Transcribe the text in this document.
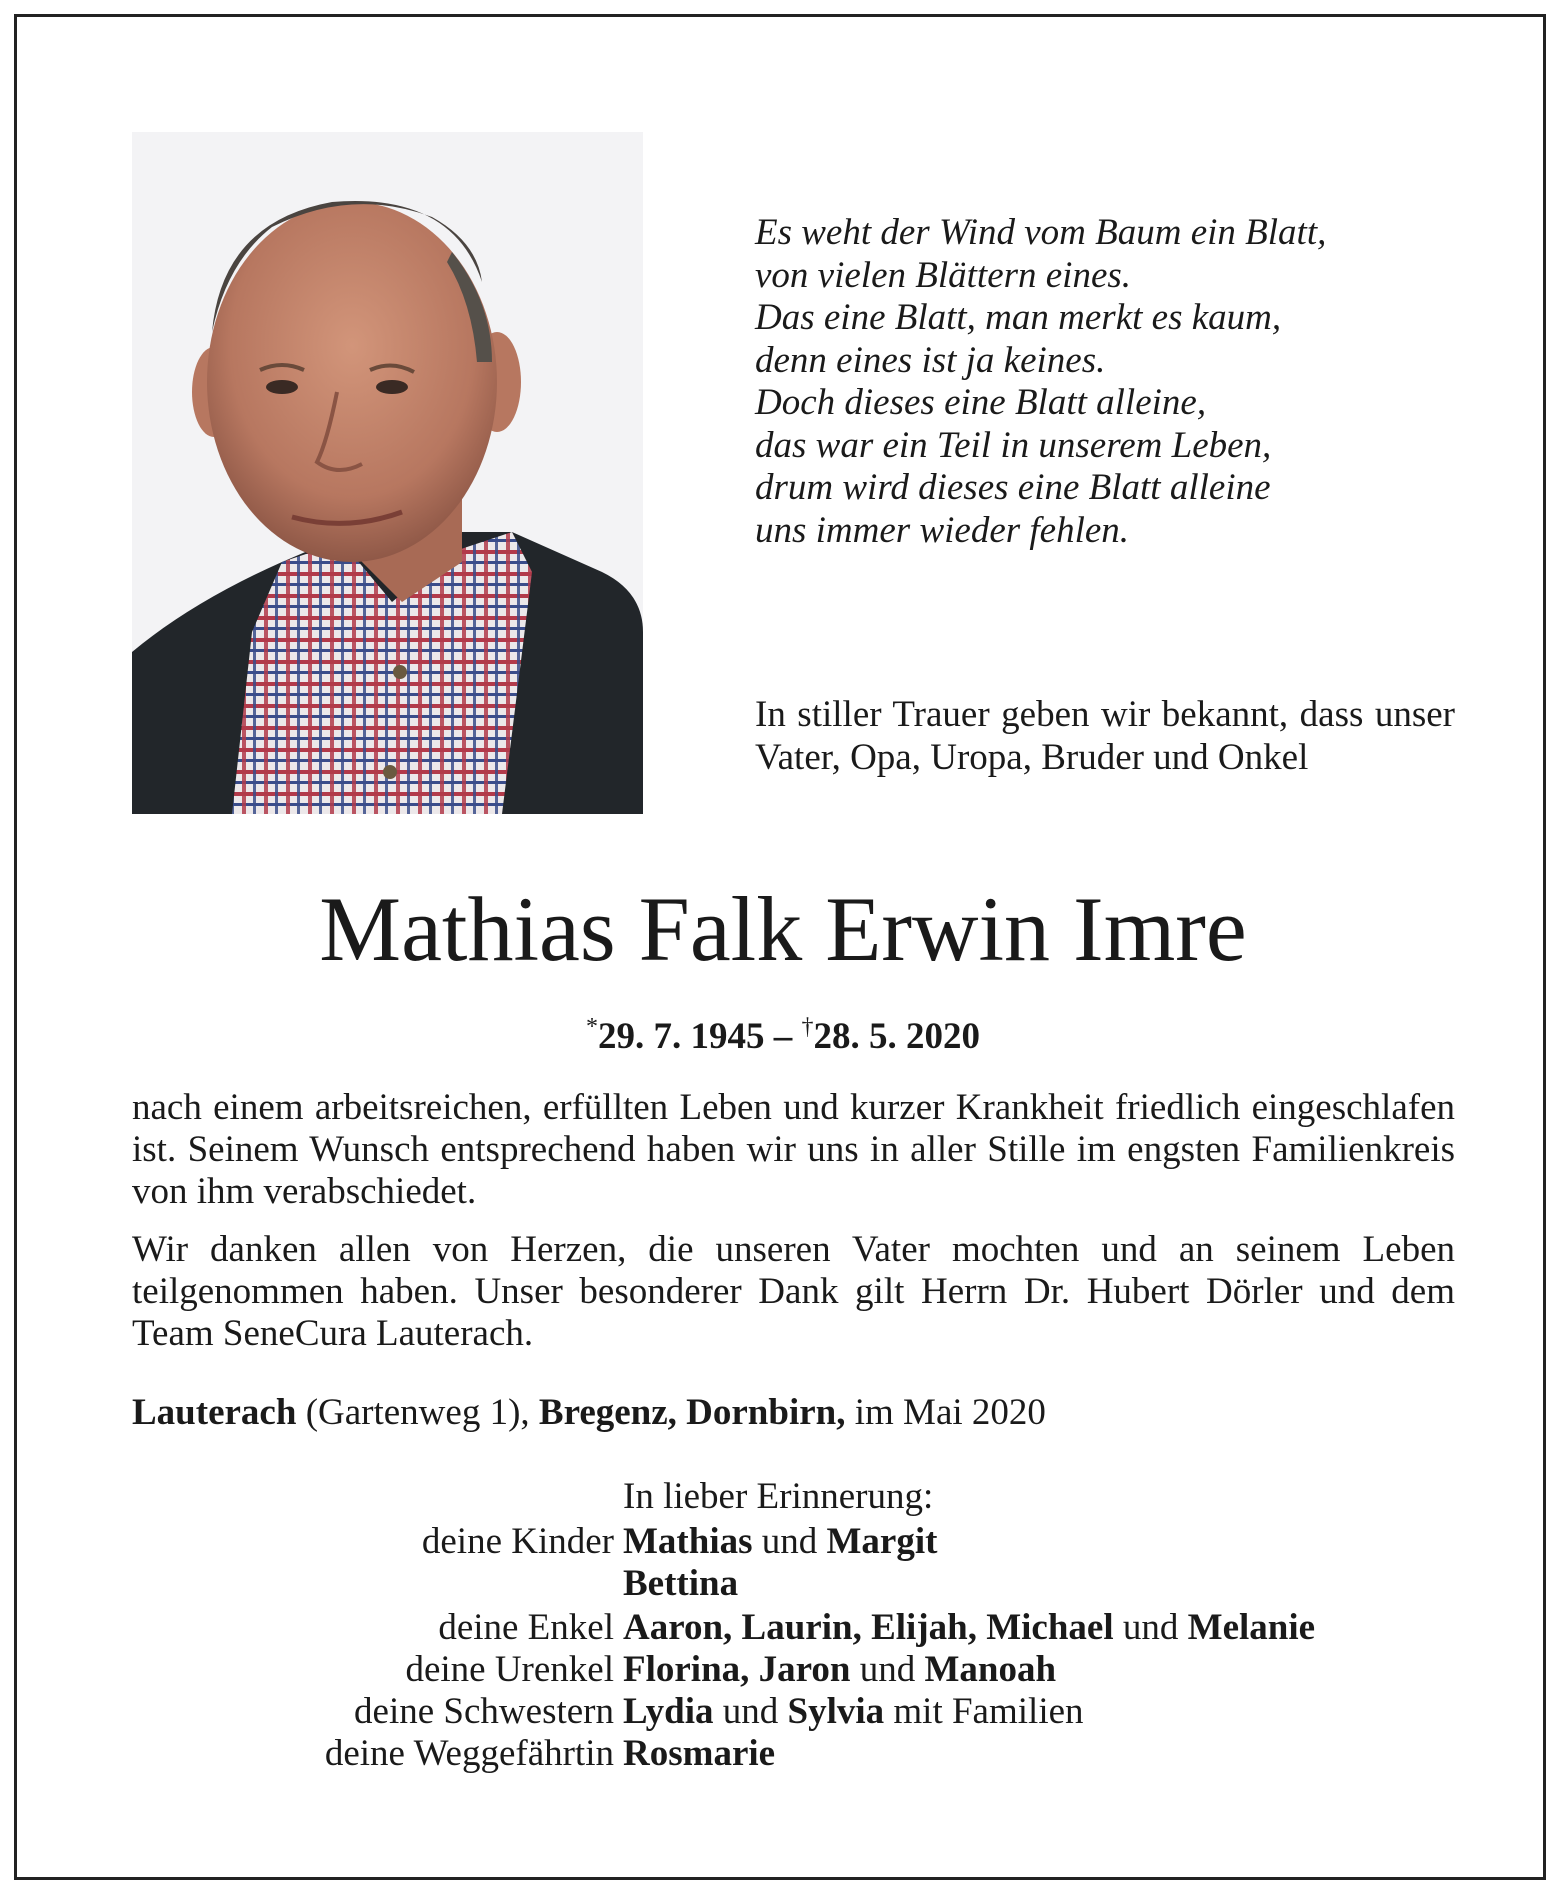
Es weht der Wind vom Baum ein Blatt,
von vielen Blättern eines.
Das eine Blatt, man merkt es kaum,
denn eines ist ja keines.
Doch dieses eine Blatt alleine,
das war ein Teil in unserem Leben,
drum wird dieses eine Blatt alleine
uns immer wieder fehlen.
In stiller Trauer geben wir bekannt, dass unser Vater, Opa, Uropa, Bruder und Onkel
Mathias Falk Erwin Imre
*29. 7. 1945 – †28. 5. 2020
nach einem arbeitsreichen, erfüllten Leben und kurzer Krankheit friedlich eingeschlafen ist. Seinem Wunsch entsprechend haben wir uns in aller Stille im engsten Familienkreis von ihm verabschiedet.
Wir danken allen von Herzen, die unseren Vater mochten und an seinem Leben teilgenommen haben. Unser besonderer Dank gilt Herrn Dr. Hubert Dörler und dem Team SeneCura Lauterach.
Lauterach (Gartenweg 1), Bregenz, Dornbirn, im Mai 2020
In lieber Erinnerung:
deine Kinder Mathias und Margit
Bettina
deine Enkel Aaron, Laurin, Elijah, Michael und Melanie
deine Urenkel Florina, Jaron und Manoah
deine Schwestern Lydia und Sylvia mit Familien
deine Weggefährtin Rosmarie
